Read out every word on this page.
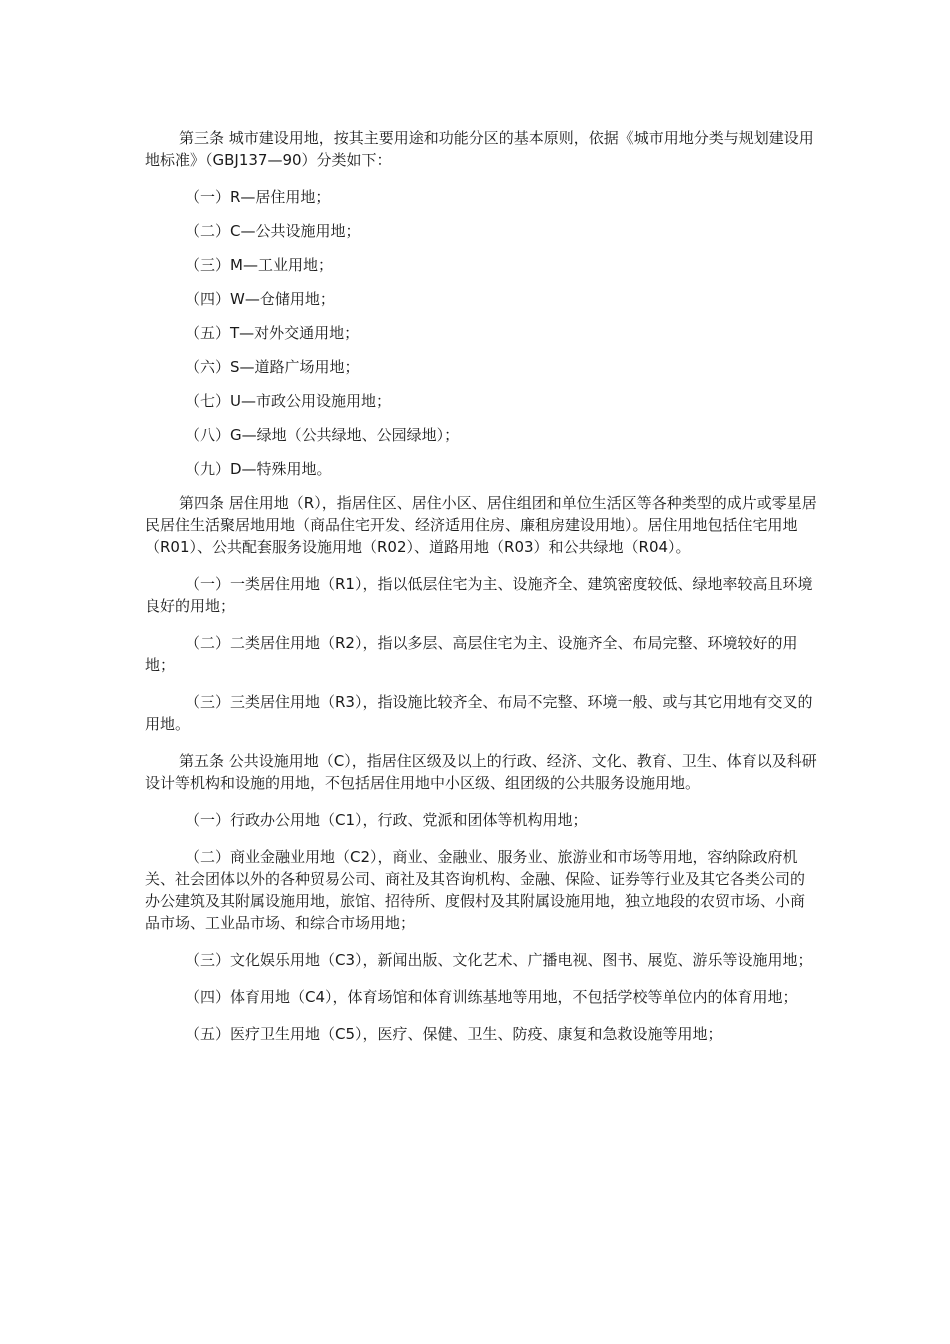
第三条 城市建设用地，按其主要用途和功能分区的基本原则，依据《城市用地分类与规划建设用地标准》（GBJ137—90）分类如下：

（一）R—居住用地；

（二）C—公共设施用地；

（三）M—工业用地；

（四）W—仓储用地；

（五）T—对外交通用地；

（六）S—道路广场用地；

（七）U—市政公用设施用地；

（八）G—绿地（公共绿地、公园绿地）；

（九）D—特殊用地。

第四条 居住用地（R），指居住区、居住小区、居住组团和单位生活区等各种类型的成片或零星居民居住生活聚居地用地（商品住宅开发、经济适用住房、廉租房建设用地）。居住用地包括住宅用地（R01）、公共配套服务设施用地（R02）、道路用地（R03）和公共绿地（R04）。

（一）一类居住用地（R1），指以低层住宅为主、设施齐全、建筑密度较低、绿地率较高且环境良好的用地；

（二）二类居住用地（R2），指以多层、高层住宅为主、设施齐全、布局完整、环境较好的用地；

（三）三类居住用地（R3），指设施比较齐全、布局不完整、环境一般、或与其它用地有交叉的用地。

第五条 公共设施用地（C），指居住区级及以上的行政、经济、文化、教育、卫生、体育以及科研设计等机构和设施的用地，不包括居住用地中小区级、组团级的公共服务设施用地。

（一）行政办公用地（C1），行政、党派和团体等机构用地；

（二）商业金融业用地（C2），商业、金融业、服务业、旅游业和市场等用地，容纳除政府机关、社会团体以外的各种贸易公司、商社及其咨询机构、金融、保险、证券等行业及其它各类公司的办公建筑及其附属设施用地，旅馆、招待所、度假村及其附属设施用地，独立地段的农贸市场、小商品市场、工业品市场、和综合市场用地；

（三）文化娱乐用地（C3），新闻出版、文化艺术、广播电视、图书、展览、游乐等设施用地；

（四）体育用地（C4），体育场馆和体育训练基地等用地，不包括学校等单位内的体育用地；

（五）医疗卫生用地（C5），医疗、保健、卫生、防疫、康复和急救设施等用地；
